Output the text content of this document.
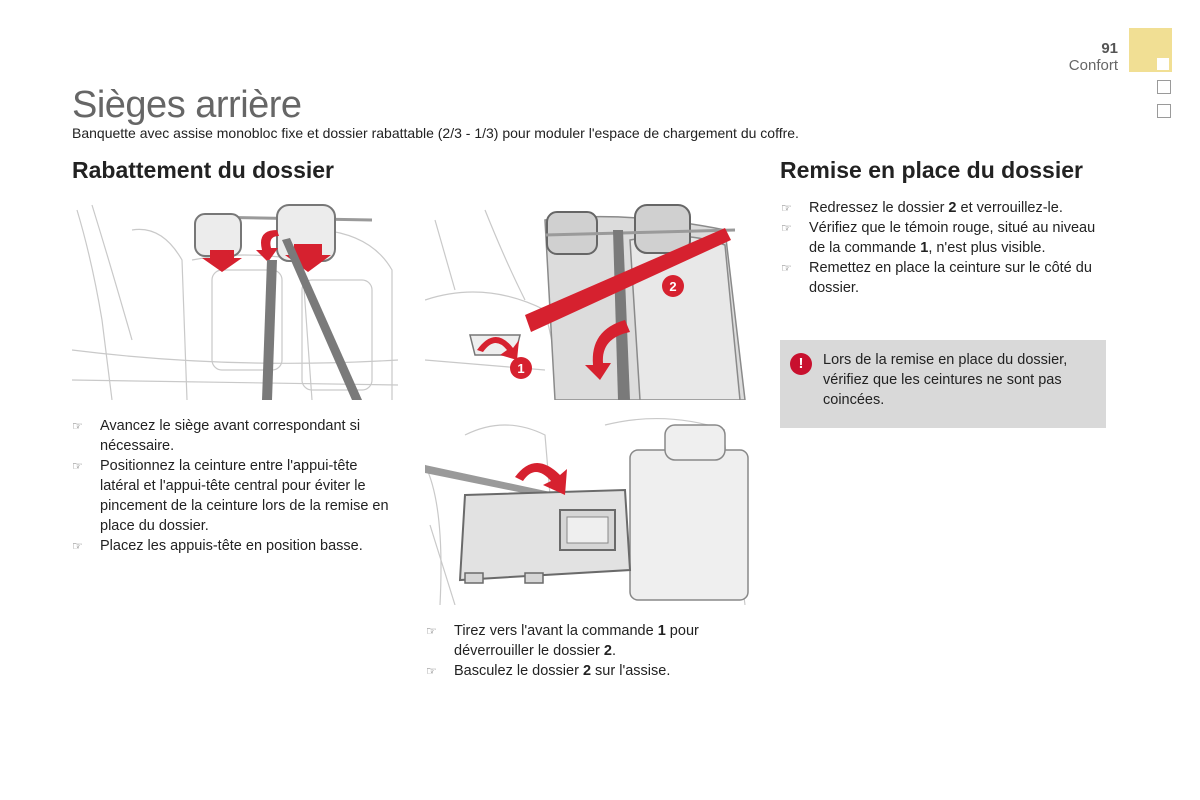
91
Confort
Sièges arrière
Banquette avec assise monobloc fixe et dossier rabattable (2/3 - 1/3) pour moduler l'espace de chargement du coffre.
Rabattement du dossier
☞ Avancez le siège avant correspondant si nécessaire.
☞ Positionnez la ceinture entre l'appui-tête latéral et l'appui-tête central pour éviter le pincement de la ceinture lors de la remise en place du dossier.
☞ Placez les appuis-tête en position basse.
2
1
☞ Tirez vers l'avant la commande 1 pour déverrouiller le dossier 2.
☞ Basculez le dossier 2 sur l'assise.
Remise en place du dossier
☞ Redressez le dossier 2 et verrouillez-le.
☞ Vérifiez que le témoin rouge, situé au niveau de la commande 1, n'est plus visible.
☞ Remettez en place la ceinture sur le côté du dossier.
!	Lors de la remise en place du dossier, vérifiez que les ceintures ne sont pas coincées.
